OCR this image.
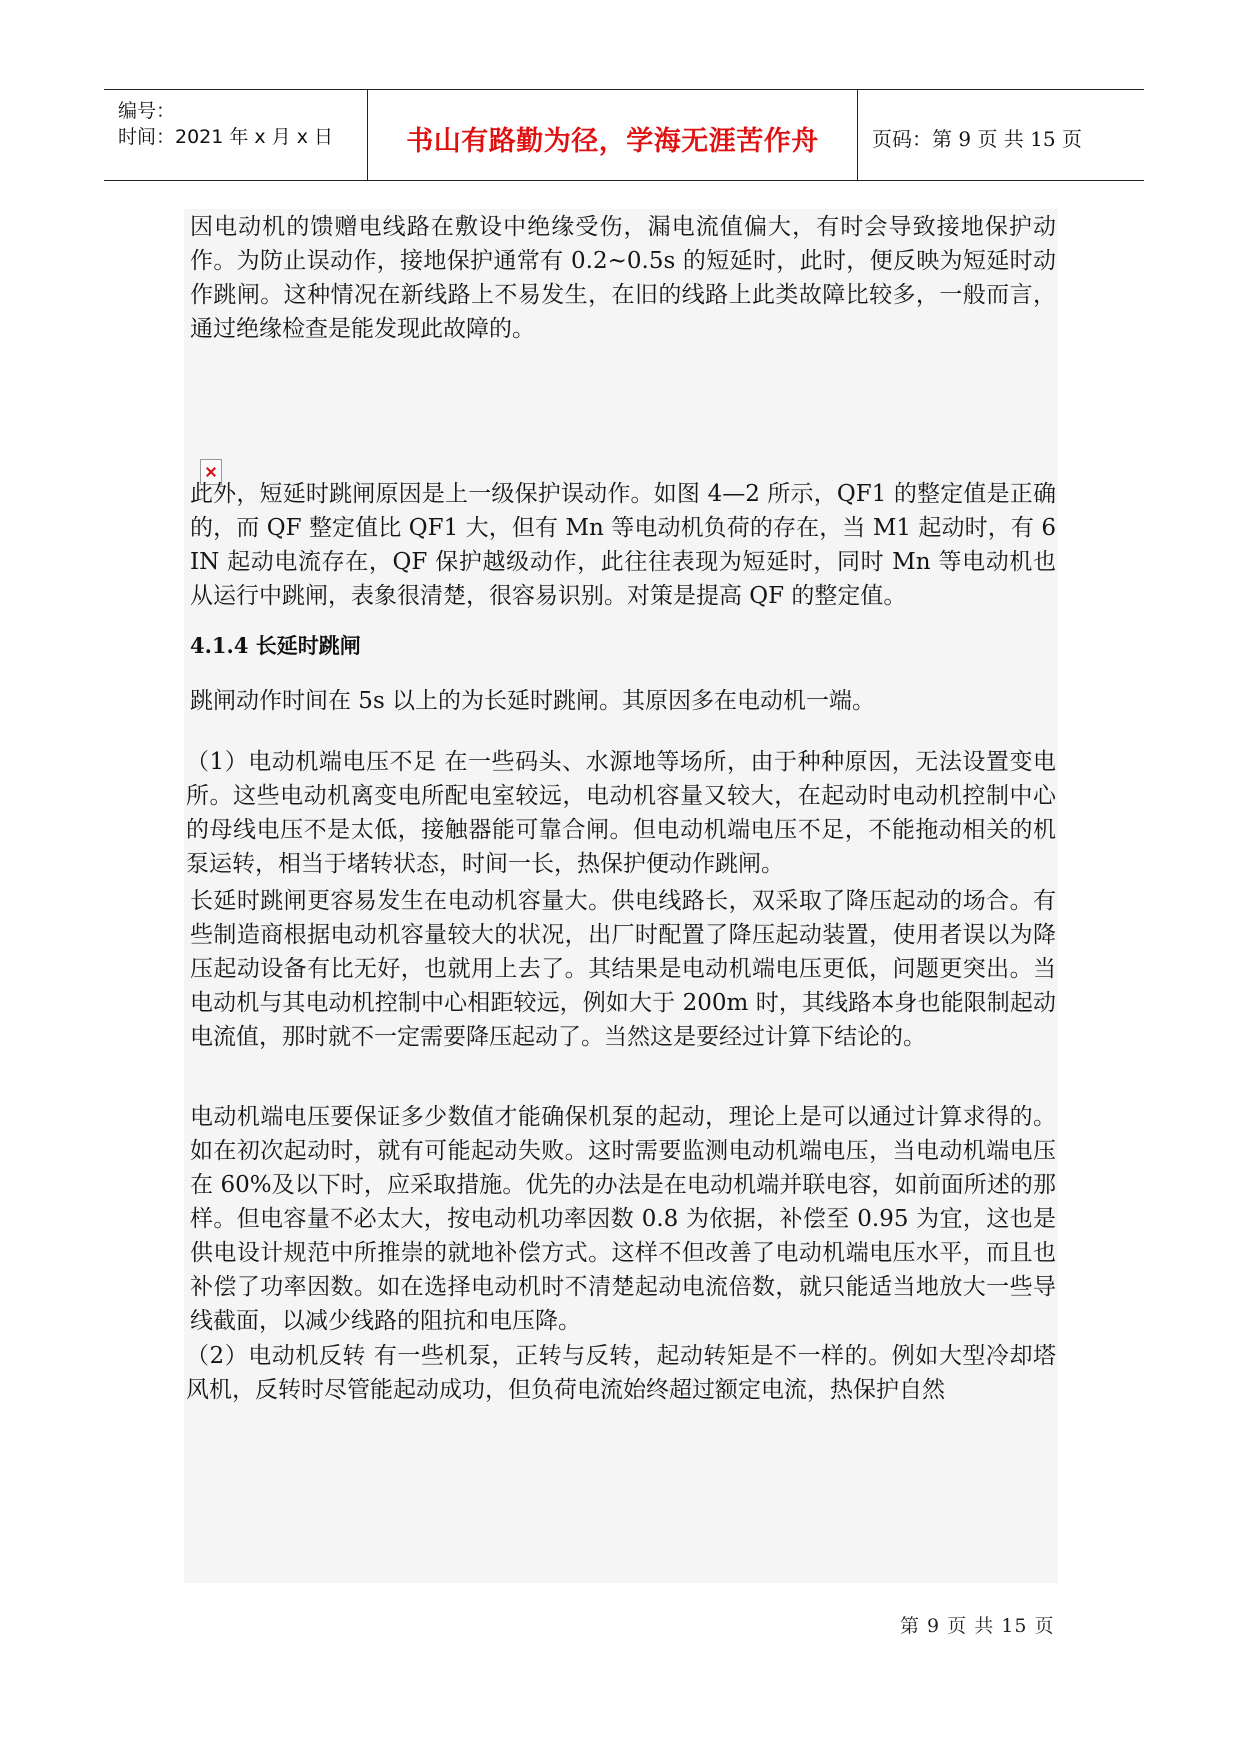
编号：
时间：2021 年 x 月 x 日	书山有路勤为径，学海无涯苦作舟	页码：第 9 页 共 15 页

因电动机的馈赠电线路在敷设中绝缘受伤，漏电流值偏大，有时会导致接地保护动作。为防止误动作，接地保护通常有 0.2~0.5s 的短延时，此时，便反映为短延时动作跳闸。这种情况在新线路上不易发生，在旧的线路上此类故障比较多，一般而言，通过绝缘检查是能发现此故障的。

此外，短延时跳闸原因是上一级保护误动作。如图 4—2 所示，QF1 的整定值是正确的，而 QF 整定值比 QF1 大，但有 Mn 等电动机负荷的存在，当 M1 起动时，有 6 IN 起动电流存在，QF 保护越级动作，此往往表现为短延时，同时 Mn 等电动机也从运行中跳闸，表象很清楚，很容易识别。对策是提高 QF 的整定值。

4.1.4 长延时跳闸

跳闸动作时间在 5s 以上的为长延时跳闸。其原因多在电动机一端。

（1）电动机端电压不足 在一些码头、水源地等场所，由于种种原因，无法设置变电所。这些电动机离变电所配电室较远，电动机容量又较大，在起动时电动机控制中心的母线电压不是太低，接触器能可靠合闸。但电动机端电压不足，不能拖动相关的机泵运转，相当于堵转状态，时间一长，热保护便动作跳闸。

长延时跳闸更容易发生在电动机容量大。供电线路长，双采取了降压起动的场合。有些制造商根据电动机容量较大的状况，出厂时配置了降压起动装置，使用者误以为降压起动设备有比无好，也就用上去了。其结果是电动机端电压更低，问题更突出。当电动机与其电动机控制中心相距较远，例如大于 200m 时，其线路本身也能限制起动电流值，那时就不一定需要降压起动了。当然这是要经过计算下结论的。

电动机端电压要保证多少数值才能确保机泵的起动，理论上是可以通过计算求得的。如在初次起动时，就有可能起动失败。这时需要监测电动机端电压，当电动机端电压在 60%及以下时，应采取措施。优先的办法是在电动机端并联电容，如前面所述的那样。但电容量不必太大，按电动机功率因数 0.8 为依据，补偿至 0.95 为宜，这也是供电设计规范中所推崇的就地补偿方式。这样不但改善了电动机端电压水平，而且也补偿了功率因数。如在选择电动机时不清楚起动电流倍数，就只能适当地放大一些导线截面，以减少线路的阻抗和电压降。

（2）电动机反转 有一些机泵，正转与反转，起动转矩是不一样的。例如大型冷却塔风机，反转时尽管能起动成功，但负荷电流始终超过额定电流，热保护自然

第 9 页 共 15 页
